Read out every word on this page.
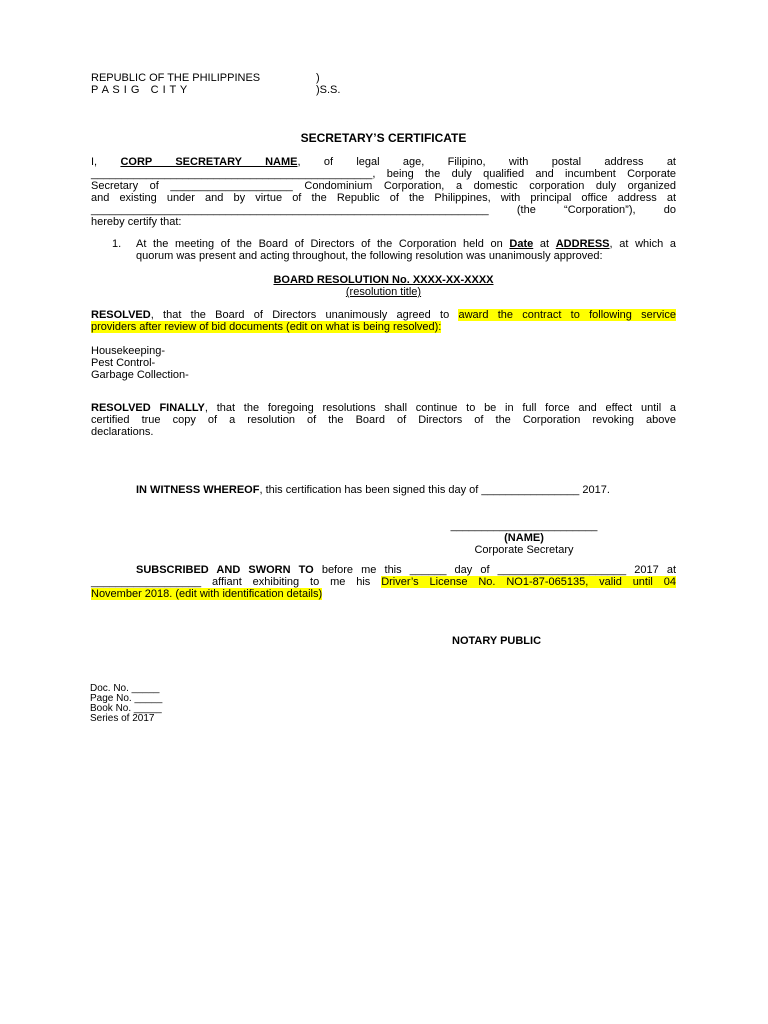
REPUBLIC OF THE PHILIPPINES	)
P A S I G   C I T Y	)S.S.
SECRETARY’S CERTIFICATE
I, CORP SECRETARY NAME, of legal age, Filipino, with postal address at
______________________________________________, being the duly qualified and incumbent Corporate
Secretary of ____________________ Condominium Corporation, a domestic corporation duly organized
and existing under and by virtue of the Republic of the Philippines, with principal office address at
_________________________________________________________________ (the “Corporation”), do
hereby certify that:
1. At the meeting of the Board of Directors of the Corporation held on Date at ADDRESS, at which a
quorum was present and acting throughout, the following resolution was unanimously approved:
BOARD RESOLUTION No. XXXX-XX-XXXX
(resolution title)
RESOLVED, that the Board of Directors unanimously agreed to award the contract to following service
providers after review of bid documents (edit on what is being resolved):
Housekeeping-
Pest Control-
Garbage Collection-
RESOLVED FINALLY, that the foregoing resolutions shall continue to be in full force and effect until a
certified true copy of a resolution of the Board of Directors of the Corporation revoking above
declarations.
IN WITNESS WHEREOF, this certification has been signed this day of ________________ 2017.
________________________
(NAME)
Corporate Secretary
SUBSCRIBED AND SWORN TO before me this ______ day of _____________________ 2017 at
__________________ affiant exhibiting to me his Driver’s License No. NO1-87-065135, valid until 04
November 2018. (edit with identification details)
NOTARY PUBLIC
Doc. No. _____
Page No. _____
Book No. _____
Series of 2017
